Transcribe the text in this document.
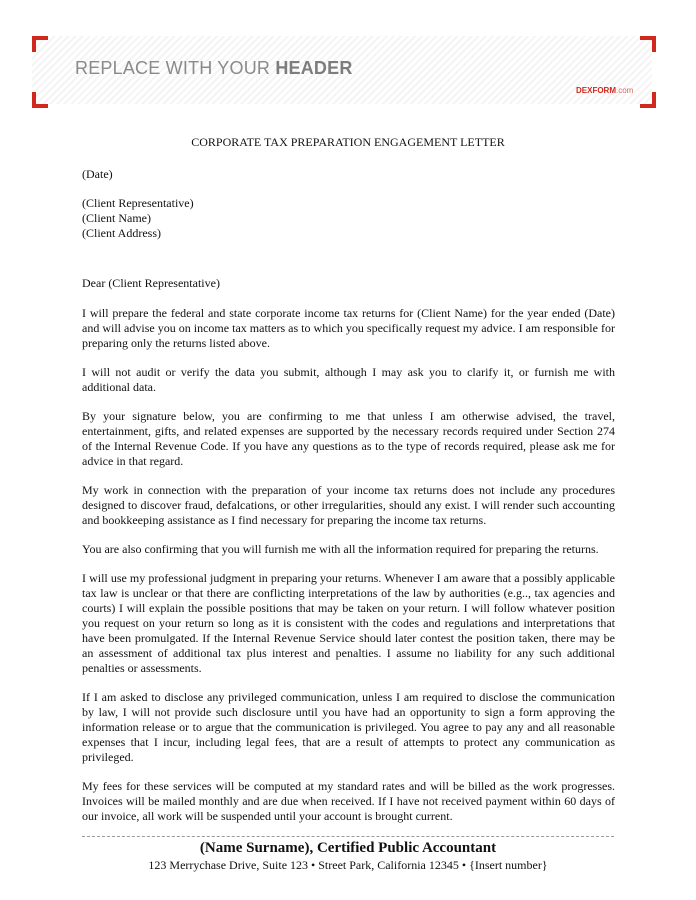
REPLACE WITH YOUR HEADER
DEXFORM.com
CORPORATE TAX PREPARATION ENGAGEMENT LETTER

(Date)

(Client Representative)
(Client Name)
(Client Address)

Dear (Client Representative)

I will prepare the federal and state corporate income tax returns for (Client Name) for the year ended (Date) and will advise you on income tax matters as to which you specifically request my advice. I am responsible for preparing only the returns listed above.

I will not audit or verify the data you submit, although I may ask you to clarify it, or furnish me with additional data.

By your signature below, you are confirming to me that unless I am otherwise advised, the travel, entertainment, gifts, and related expenses are supported by the necessary records required under Section 274 of the Internal Revenue Code. If you have any questions as to the type of records required, please ask me for advice in that regard.

My work in connection with the preparation of your income tax returns does not include any procedures designed to discover fraud, defalcations, or other irregularities, should any exist. I will render such accounting and bookkeeping assistance as I find necessary for preparing the income tax returns.

You are also confirming that you will furnish me with all the information required for preparing the returns.

I will use my professional judgment in preparing your returns. Whenever I am aware that a possibly applicable tax law is unclear or that there are conflicting interpretations of the law by authorities (e.g.., tax agencies and courts) I will explain the possible positions that may be taken on your return. I will follow whatever position you request on your return so long as it is consistent with the codes and regulations and interpretations that have been promulgated. If the Internal Revenue Service should later contest the position taken, there may be an assessment of additional tax plus interest and penalties. I assume no liability for any such additional penalties or assessments.

If I am asked to disclose any privileged communication, unless I am required to disclose the communication by law, I will not provide such disclosure until you have had an opportunity to sign a form approving the information release or to argue that the communication is privileged. You agree to pay any and all reasonable expenses that I incur, including legal fees, that are a result of attempts to protect any communication as privileged.

My fees for these services will be computed at my standard rates and will be billed as the work progresses. Invoices will be mailed monthly and are due when received. If I have not received payment within 60 days of our invoice, all work will be suspended until your account is brought current.

(Name Surname), Certified Public Accountant
123 Merrychase Drive, Suite 123 • Street Park, California 12345 • {Insert number}
